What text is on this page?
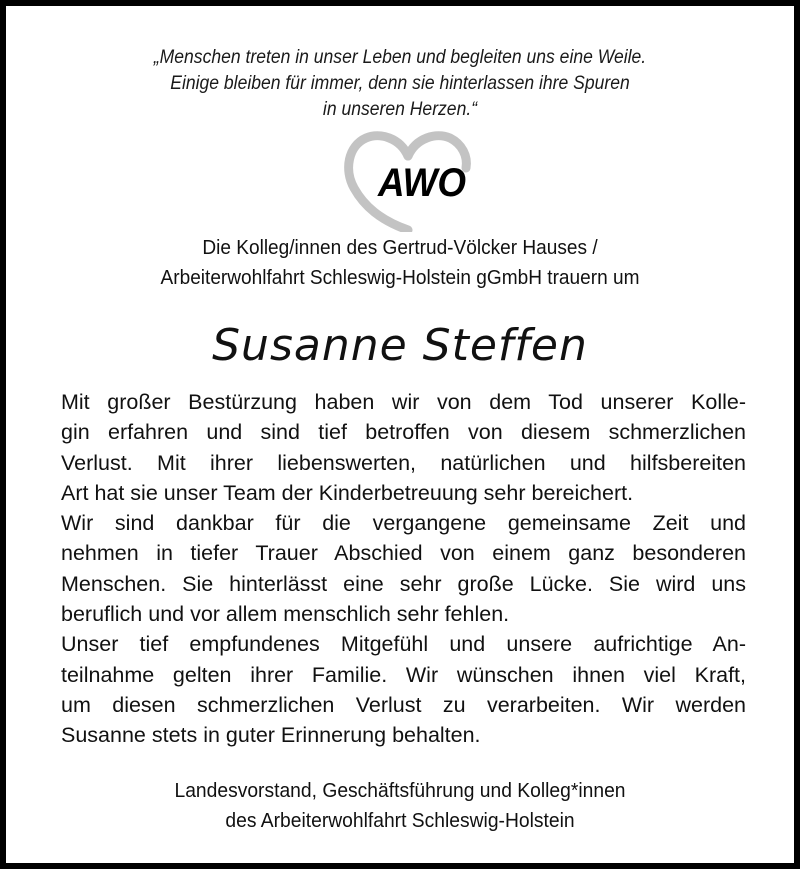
„Menschen treten in unser Leben und begleiten uns eine Weile.
Einige bleiben für immer, denn sie hinterlassen ihre Spuren
in unseren Herzen.“
AWO
Die Kolleg/innen des Gertrud-Völcker Hauses /
Arbeiterwohlfahrt Schleswig-Holstein gGmbH trauern um
Susanne Steffen
Mit großer Bestürzung haben wir von dem Tod unserer Kolle-
gin erfahren und sind tief betroffen von diesem schmerzlichen
Verlust. Mit ihrer liebenswerten, natürlichen und hilfsbereiten
Art hat sie unser Team der Kinderbetreuung sehr bereichert.
Wir sind dankbar für die vergangene gemeinsame Zeit und
nehmen in tiefer Trauer Abschied von einem ganz besonderen
Menschen. Sie hinterlässt eine sehr große Lücke. Sie wird uns
beruflich und vor allem menschlich sehr fehlen.
Unser tief empfundenes Mitgefühl und unsere aufrichtige An-
teilnahme gelten ihrer Familie. Wir wünschen ihnen viel Kraft,
um diesen schmerzlichen Verlust zu verarbeiten. Wir werden
Susanne stets in guter Erinnerung behalten.
Landesvorstand, Geschäftsführung und Kolleg*innen
des Arbeiterwohlfahrt Schleswig-Holstein
